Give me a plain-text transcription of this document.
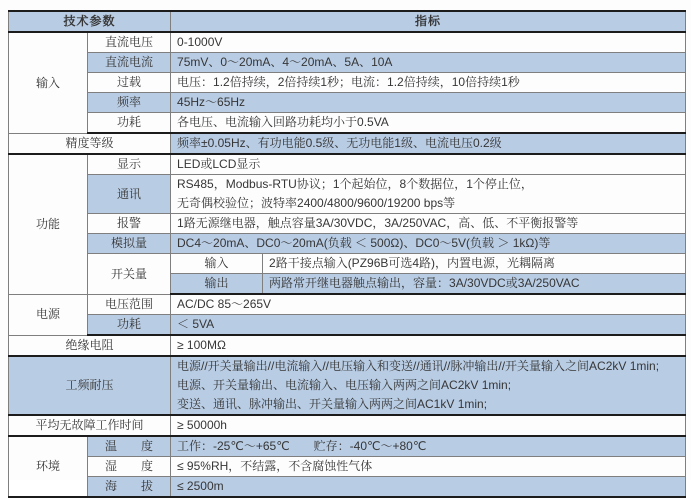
技术参数		指标	
输入	直流电压	0-1000V	
	直流电流	75mV、0～20mA、4～20mA、5A、10A	
	过载	电压：1.2倍持续，2倍持续1秒；电流：1.2倍持续，10倍持续1秒	
	频率	45Hz～65Hz	
	功耗	各电压、电流输入回路功耗均小于0.5VA	
精度等级		频率±0.05Hz、有功电能0.5级、无功电能1级、电流电压0.2级	
功能	显示	LED或LCD显示	
	通讯	RS485，Modbus-RTU协议；1个起始位，8个数据位，1个停止位，
无奇偶校验位；波特率2400/4800/9600/19200 bps等	

	报警	1路无源继电器，触点容量3A/30VDC，3A/250VAC，高、低、不平衡报警等	
	模拟量	DC4～20mA、DC0～20mA(负载 ＜ 500Ω)、DC0～5V(负载 ＞ 1kΩ)等	
	开关量	输入	2路干接点输入(PZ96B可选4路)，内置电源，光耦隔离
		输出	两路常开继电器触点输出，容量：3A/30VDC或3A/250VAC
电源	电压范围	AC/DC 85～265V	
	功耗	＜ 5VA	
绝缘电阻		≥ 100MΩ	
工频耐压		电源//开关量输出//电流输入//电压输入和变送//通讯//脉冲输出//开关量输入之间AC2kV 1min;
电源、开关量输出、电流输入、电压输入两两之间AC2kV 1min;
变送、通讯、脉冲输出、开关量输入两两之间AC1kV 1min;	

平均无故障工作时间		≥ 50000h	
环境	温　　度	工作：-25℃～+65℃　　贮存：-40℃～+80℃	
	湿　　度	≤ 95%RH，不结露，不含腐蚀性气体	
	海　　拔	≤ 2500m	
